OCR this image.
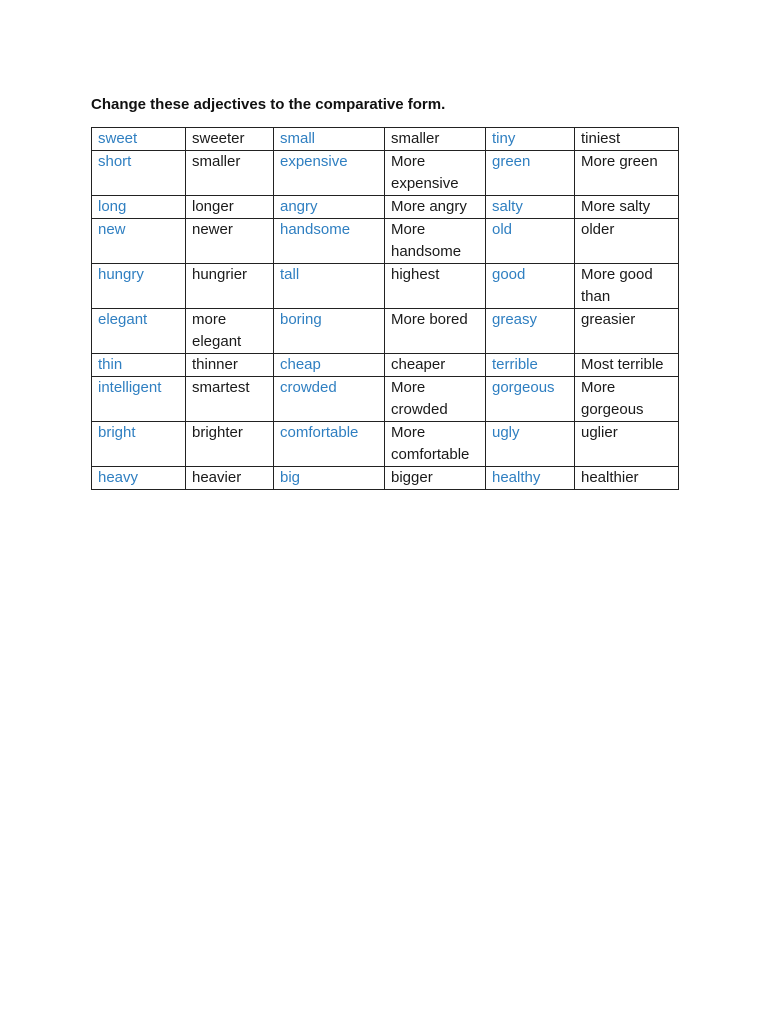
Change these adjectives to the comparative form.
sweet	sweeter	small	smaller	tiny	tiniest
short	smaller	expensive	More expensive	green	More green
long	longer	angry	More angry	salty	More salty
new	newer	handsome	More handsome	old	older
hungry	hungrier	tall	highest	good	More good than
elegant	more elegant	boring	More bored	greasy	greasier
thin	thinner	cheap	cheaper	terrible	Most terrible
intelligent	smartest	crowded	More crowded	gorgeous	More gorgeous
bright	brighter	comfortable	More comfortable	ugly	uglier
heavy	heavier	big	bigger	healthy	healthier
